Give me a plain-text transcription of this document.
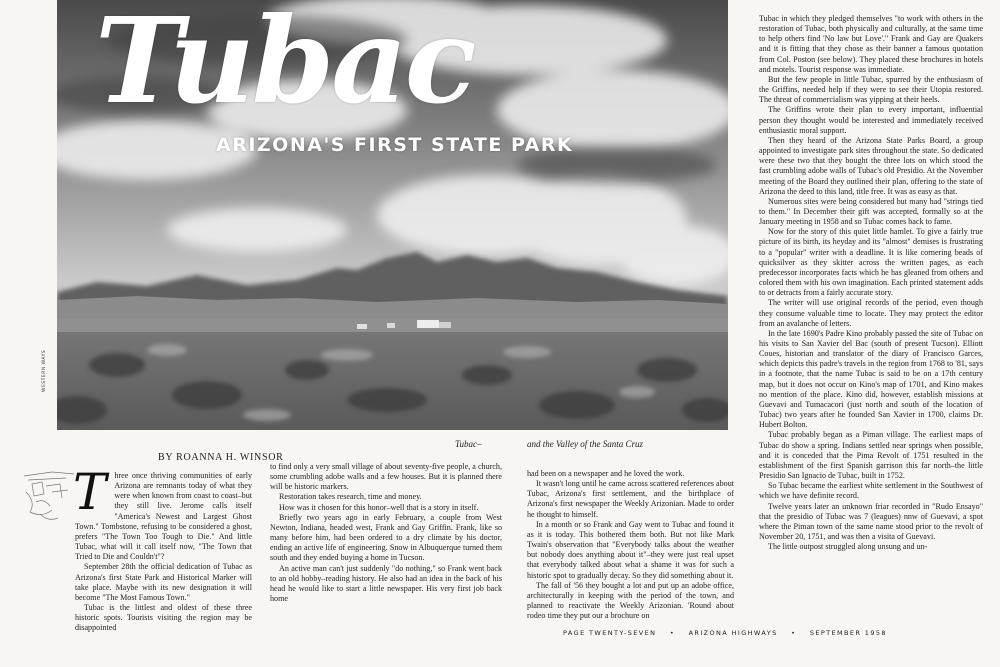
Tubac
ARIZONA'S FIRST STATE PARK
WESTERN WAYS
Tubac–	and the Valley of the Santa Cruz
BY ROANNA H. WINSOR
T hree once thriving communities of early Arizona are remnants today of what they were when known from coast to coast–but they still live. Jerome calls itself "America's Newest and Largest Ghost Town." Tombstone, refusing to be considered a ghost, prefers "The Town Too Tough to Die." And little Tubac, what will it call itself now, "The Town that Tried to Die and Couldn't"?

September 28th the official dedication of Tubac as Arizona's first State Park and Historical Marker will take place. Maybe with its new designation it will become "The Most Famous Town."

Tubac is the littlest and oldest of these three historic spots. Tourists visiting the region may be disappointed

to find only a very small village of about seventy-five people, a church, some crumbling adobe walls and a few houses. But it is planned there will be historic markers.

Restoration takes research, time and money.

How was it chosen for this honor–well that is a story in itself.

Briefly two years ago in early February, a couple from West Newton, Indiana, headed west, Frank and Gay Griffin. Frank, like so many before him, had been ordered to a dry climate by his doctor, ending an active life of engineering. Snow in Albuquerque turned them south and they ended buying a home in Tucson.

An active man can't just suddenly "do nothing," so Frank went back to an old hobby–reading history. He also had an idea in the back of his head he would like to start a little newspaper. His very first job back home

had been on a newspaper and he loved the work.

It wasn't long until he came across scattered references about Tubac, Arizona's first settlement, and the birthplace of Arizona's first newspaper the Weekly Arizonian. Made to order he thought to himself.

In a month or so Frank and Gay went to Tubac and found it as it is today. This bothered them both. But not like Mark Twain's observation that "Everybody talks about the weather but nobody does anything about it"–they were just real upset that everybody talked about what a shame it was for such a historic spot to gradually decay. So they did something about it.

The fall of '56 they bought a lot and put up an adobe office, architecturally in keeping with the period of the town, and planned to reactivate the Weekly Arizonian. 'Round about rodeo time they put our a brochure on

Tubac in which they pledged themselves "to work with others in the restoration of Tubac, both physically and culturally, at the same time to help others find 'No law but Love'." Frank and Gay are Quakers and it is fitting that they chose as their banner a famous quotation from Col. Poston (see below). They placed these brochures in hotels and motels. Tourist response was immediate.

But the few people in little Tubac, spurred by the enthusiasm of the Griffins, needed help if they were to see their Utopia restored. The threat of commercialism was yipping at their heels.

The Griffins wrote their plan to every important, influential person they thought would be interested and immediately received enthusiastic moral support.

Then they heard of the Arizona State Parks Board, a group appointed to investigate park sites throughout the state. So dedicated were these two that they bought the three lots on which stood the fast crumbling adobe walls of Tubac's old Presidio. At the November meeting of the Board they outlined their plan, offering to the state of Arizona the deed to this land, title free. It was as easy as that.

Numerous sites were being considered but many had "strings tied to them." In December their gift was accepted, formally so at the January meeting in 1958 and so Tubac comes back to fame.

Now for the story of this quiet little hamlet. To give a fairly true picture of its birth, its heyday and its "almost" demises is frustrating to a "popular" writer with a deadline. It is like cornering beads of quicksilver as they skitter across the written pages, as each predecessor incorporates facts which he has gleaned from others and colored them with his own imagination. Each printed statement adds to or detracts from a fairly accurate story.

The writer will use original records of the period, even though they consume valuable time to locate. They may protect the editor from an avalanche of letters.

In the late 1690's Padre Kino probably passed the site of Tubac on his visits to San Xavier del Bac (south of present Tucson). Elliott Coues, historian and translator of the diary of Francisco Garces, which depicts this padre's travels in the region from 1768 to '81, says in a footnote, that the name Tubac is said to be on a 17th century map, but it does not occur on Kino's map of 1701, and Kino makes no mention of the place. Kino did, however, establish missions at Guevavi and Tumacacori (just north and south of the location of Tubac) two years after he founded San Xavier in 1700, claims Dr. Hubert Bolton.

Tubac probably began as a Piman village. The earliest maps of Tubac do show a spring. Indians settled near springs when possible, and it is conceded that the Pima Revolt of 1751 resulted in the establishment of the first Spanish garrison this far north–the little Presidio San Ignacio de Tubac, built in 1752.

So Tubac became the earliest white settlement in the Southwest of which we have definite record.

Twelve years later an unknown friar recorded in "Rudo Ensayo" that the presidio of Tubac was 7 (leagues) nnw of Guevavi, a spot where the Piman town of the same name stood prior to the revolt of November 20, 1751, and was then a visita of Guevavi.

The little outpost struggled along unsung and un-

PAGE TWENTY-SEVEN • ARIZONA HIGHWAYS • SEPTEMBER 1958
